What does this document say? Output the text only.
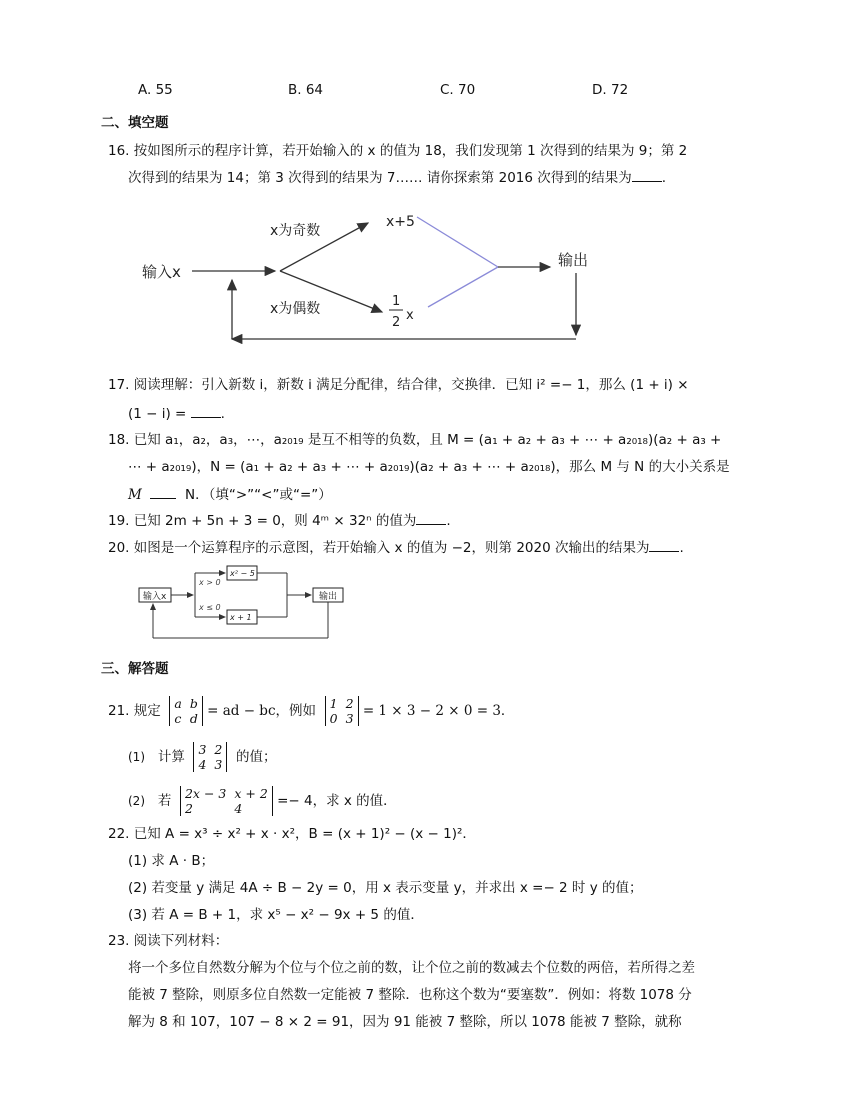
A. 55	B. 64	C. 70	D. 72
二、填空题
16. 按如图所示的程序计算，若开始输入的 x 的值为 18，我们发现第 1 次得到的结果为 9；第 2
次得到的结果为 14；第 3 次得到的结果为 7…… 请你探索第 2016 次得到的结果为 .
输入x
x为奇数
x为偶数
x+5
1
2 x
输出
17. 阅读理解：引入新数 i，新数 i 满足分配律，结合律，交换律．已知 i² =− 1，那么 (1 + i) ×
(1 − i) =	.
18. 已知 a₁，a₂，a₃，⋯，a₂₀₁₉ 是互不相等的负数，且 M = (a₁ + a₂ + a₃ + ⋯ + a₂₀₁₈)(a₂ + a₃ +
⋯ + a₂₀₁₉)，N = (a₁ + a₂ + a₃ + ⋯ + a₂₀₁₉)(a₂ + a₃ + ⋯ + a₂₀₁₈)，那么 M 与 N 的大小关系是
M	N．（填“>”“<”或“=”）
19. 已知 2m + 5n + 3 = 0，则 4ᵐ × 32ⁿ 的值为 .
20. 如图是一个运算程序的示意图，若开始输入 x 的值为 −2，则第 2020 次输出的结果为 .
输入x
x > 0
x ≤ 0
x² − 5
x + 1
输出
三、解答题
21. 规定 a	b
c	d = ad − bc，例如 1	2
0	3 = 1 × 3 − 2 × 0 = 3．
(1) 计算 3	2
4	3 的值；
(2) 若 2x − 3	x + 2
2	4	=− 4，求 x 的值．
22. 已知 A = x³ ÷ x² + x · x²，B = (x + 1)² − (x − 1)²．
(1) 求 A · B；
(2) 若变量 y 满足 4A ÷ B − 2y = 0，用 x 表示变量 y，并求出 x =− 2 时 y 的值；
(3) 若 A = B + 1，求 x⁵ − x² − 9x + 5 的值．
23. 阅读下列材料：
将一个多位自然数分解为个位与个位之前的数，让个位之前的数减去个位数的两倍，若所得之差
能被 7 整除，则原多位自然数一定能被 7 整除．也称这个数为“要塞数”．例如：将数 1078 分
解为 8 和 107，107 − 8 × 2 = 91，因为 91 能被 7 整除，所以 1078 能被 7 整除，就称
